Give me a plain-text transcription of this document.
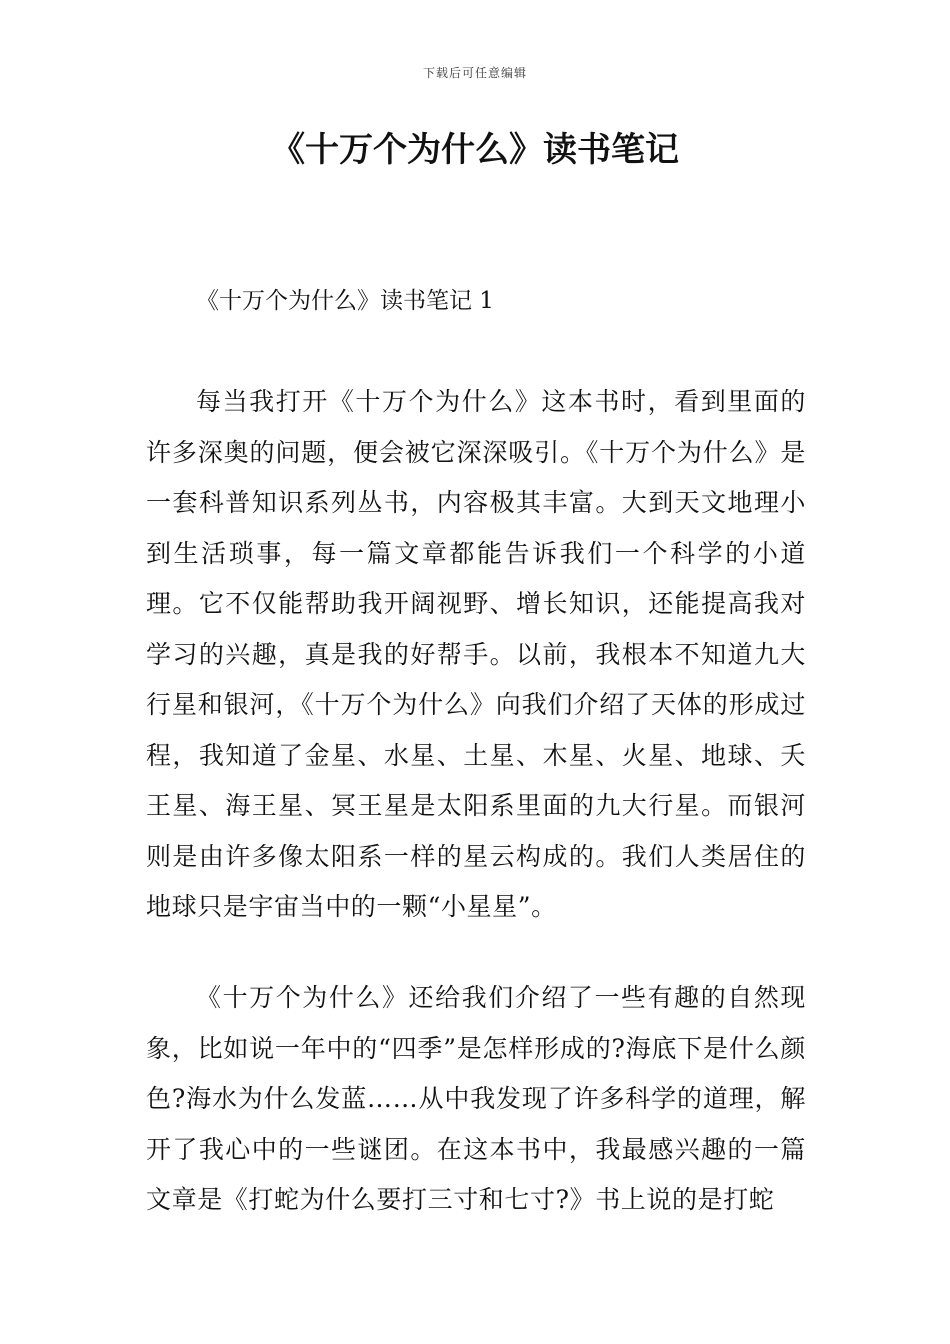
下载后可任意编辑
《十万个为什么》读书笔记
《十万个为什么》读书笔记 1

每当我打开《十万个为什么》这本书时，看到里面的许多深奥的问题，便会被它深深吸引。《十万个为什么》是一套科普知识系列丛书，内容极其丰富。大到天文地理小到生活琐事，每一篇文章都能告诉我们一个科学的小道理。它不仅能帮助我开阔视野、增长知识，还能提高我对学习的兴趣，真是我的好帮手。以前，我根本不知道九大行星和银河，《十万个为什么》向我们介绍了天体的形成过程，我知道了金星、水星、土星、木星、火星、地球、夭王星、海王星、冥王星是太阳系里面的九大行星。而银河则是由许多像太阳系一样的星云构成的。我们人类居住的地球只是宇宙当中的一颗“小星星”。

《十万个为什么》还给我们介绍了一些有趣的自然现象，比如说一年中的“四季”是怎样形成的?海底下是什么颜色?海水为什么发蓝……从中我发现了许多科学的道理，解开了我心中的一些谜团。在这本书中，我最感兴趣的一篇文章是《打蛇为什么要打三寸和七寸?》书上说的是打蛇
